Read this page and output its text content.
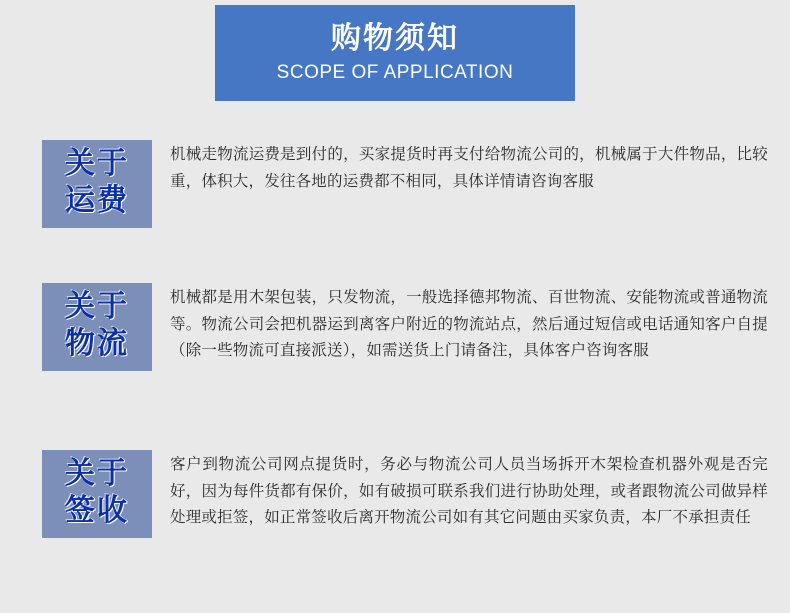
购物须知
SCOPE OF APPLICATION
关于
运费
机械走物流运费是到付的，买家提货时再支付给物流公司的，机械属于大件物品，比较重，体积大，发往各地的运费都不相同，具体详情请咨询客服
关于
物流
机械都是用木架包装，只发物流，一般选择德邦物流、百世物流、安能物流或普通物流等。物流公司会把机器运到离客户附近的物流站点，然后通过短信或电话通知客户自提（除一些物流可直接派送），如需送货上门请备注，具体客户咨询客服
关于
签收
客户到物流公司网点提货时，务必与物流公司人员当场拆开木架检查机器外观是否完好，因为每件货都有保价，如有破损可联系我们进行协助处理，或者跟物流公司做异样处理或拒签，如正常签收后离开物流公司如有其它问题由买家负责，本厂不承担责任
